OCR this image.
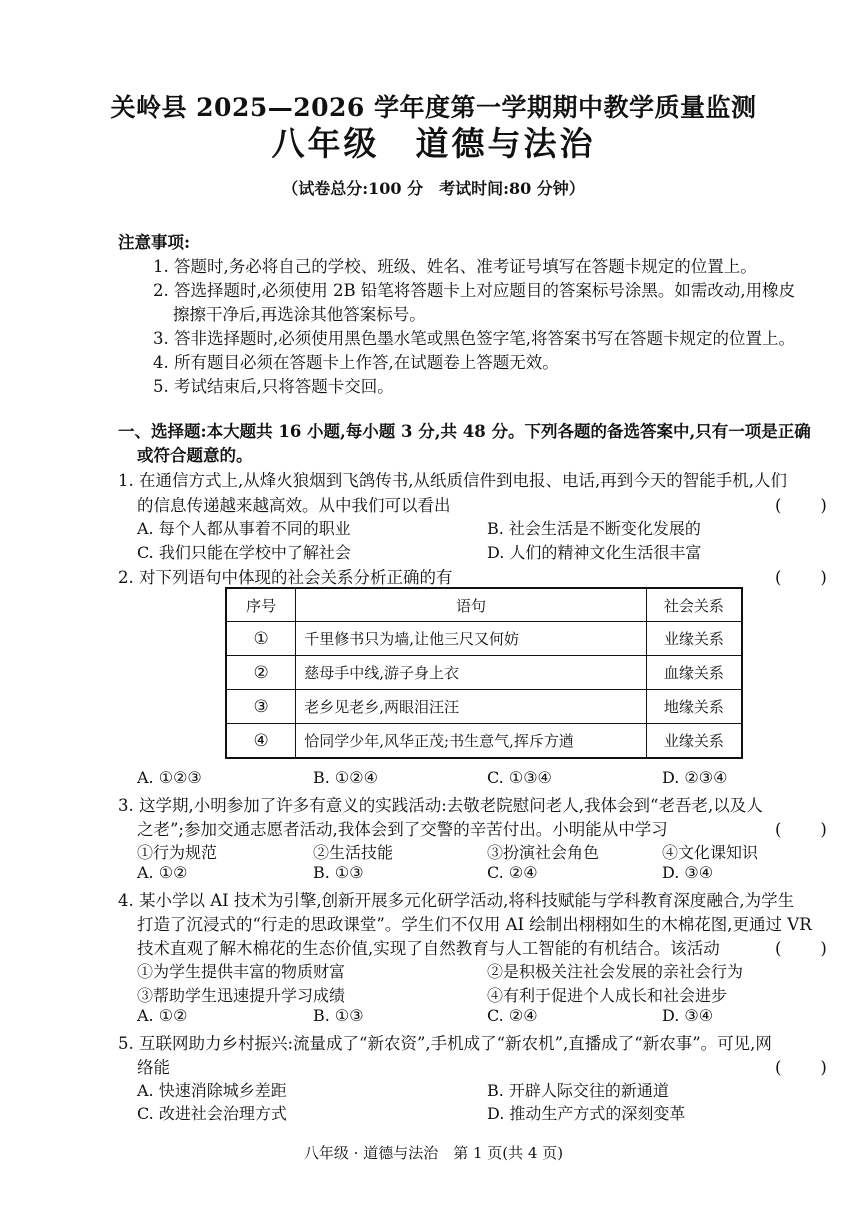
关岭县 2025—2026 学年度第一学期期中教学质量监测
八年级　道德与法治
（试卷总分:100 分　考试时间:80 分钟）
注意事项:
1. 答题时,务必将自己的学校、班级、姓名、准考证号填写在答题卡规定的位置上。
2. 答选择题时,必须使用 2B 铅笔将答题卡上对应题目的答案标号涂黑。如需改动,用橡皮
擦擦干净后,再选涂其他答案标号。
3. 答非选择题时,必须使用黑色墨水笔或黑色签字笔,将答案书写在答题卡规定的位置上。
4. 所有题目必须在答题卡上作答,在试题卷上答题无效。
5. 考试结束后,只将答题卡交回。
一、选择题:本大题共 16 小题,每小题 3 分,共 48 分。下列各题的备选答案中,只有一项是正确
或符合题意的。
1. 在通信方式上,从烽火狼烟到飞鸽传书,从纸质信件到电报、电话,再到今天的智能手机,人们
的信息传递越来越高效。从中我们可以看出	(　　)
A. 每个人都从事着不同的职业	B. 社会生活是不断变化发展的
C. 我们只能在学校中了解社会	D. 人们的精神文化生活很丰富
2. 对下列语句中体现的社会关系分析正确的有	(　　)
序号	语句	社会关系
①	千里修书只为墙,让他三尺又何妨	业缘关系
②	慈母手中线,游子身上衣	血缘关系
③	老乡见老乡,两眼泪汪汪	地缘关系
④	恰同学少年,风华正茂;书生意气,挥斥方遒	业缘关系
A. ①②③	B. ①②④	C. ①③④	D. ②③④
3. 这学期,小明参加了许多有意义的实践活动:去敬老院慰问老人,我体会到“老吾老,以及人
之老”;参加交通志愿者活动,我体会到了交警的辛苦付出。小明能从中学习	(　　)
①行为规范	②生活技能	③扮演社会角色	④文化课知识
A. ①②	B. ①③	C. ②④	D. ③④
4. 某小学以 AI 技术为引擎,创新开展多元化研学活动,将科技赋能与学科教育深度融合,为学生
打造了沉浸式的“行走的思政课堂”。学生们不仅用 AI 绘制出栩栩如生的木棉花图,更通过 VR
技术直观了解木棉花的生态价值,实现了自然教育与人工智能的有机结合。该活动	(　　)
①为学生提供丰富的物质财富	②是积极关注社会发展的亲社会行为
③帮助学生迅速提升学习成绩	④有利于促进个人成长和社会进步
A. ①②	B. ①③	C. ②④	D. ③④
5. 互联网助力乡村振兴:流量成了“新农资”,手机成了“新农机”,直播成了“新农事”。可见,网
络能	(　　)
A. 快速消除城乡差距	B. 开辟人际交往的新通道
C. 改进社会治理方式	D. 推动生产方式的深刻变革
八年级 · 道德与法治　第 1 页(共 4 页)
